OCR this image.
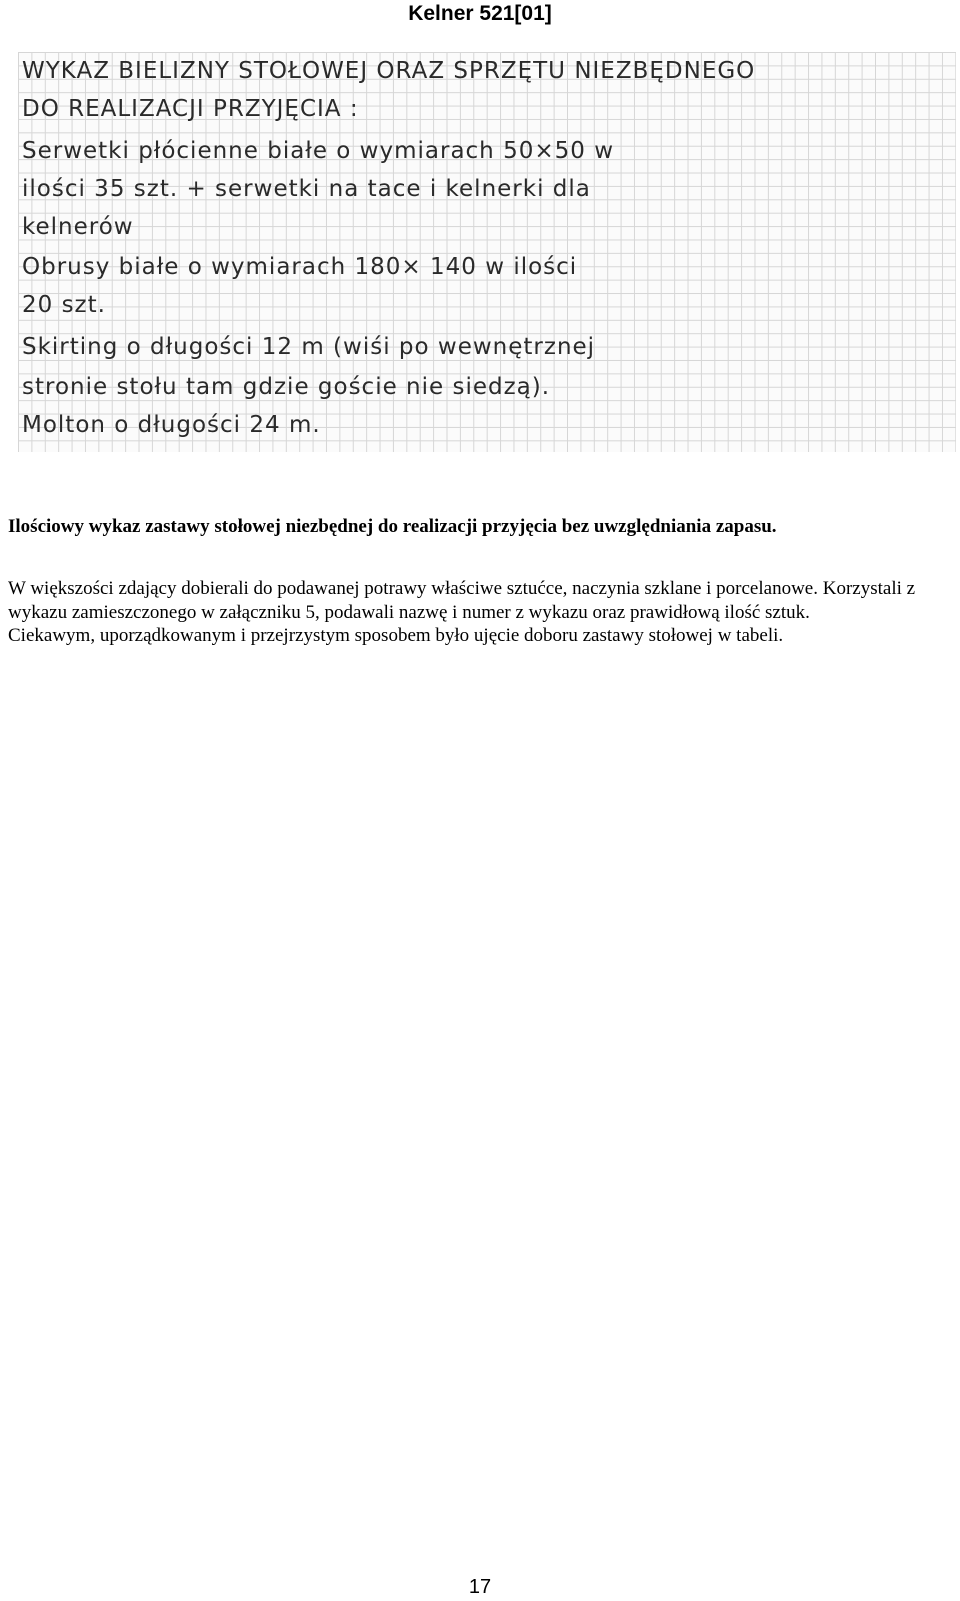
Kelner 521[01]
WYKAZ BIELIZNY STOŁOWEJ ORAZ SPRZĘTU NIEZBĘDNEGO
DO REALIZACJI PRZYJĘCIA :
Serwetki płócienne białe o wymiarach 50×50 w
ilości 35 szt. + serwetki na tace i kelnerki dla
kelnerów
Obrusy białe o wymiarach 180× 140 w ilości
20 szt.
Skirting o długości 12 m (wiśi po wewnętrznej
stronie stołu tam gdzie goście nie siedzą).
Molton o długości 24 m.
Ilościowy wykaz zastawy stołowej niezbędnej do realizacji przyjęcia bez uwzględniania zapasu.

W większości zdający dobierali do podawanej potrawy właściwe sztućce, naczynia szklane i porcelanowe. Korzystali z wykazu zamieszczonego w załączniku 5, podawali nazwę i numer z wykazu oraz prawidłową ilość sztuk.

Ciekawym, uporządkowanym i przejrzystym sposobem było ujęcie doboru zastawy stołowej w tabeli.

17
